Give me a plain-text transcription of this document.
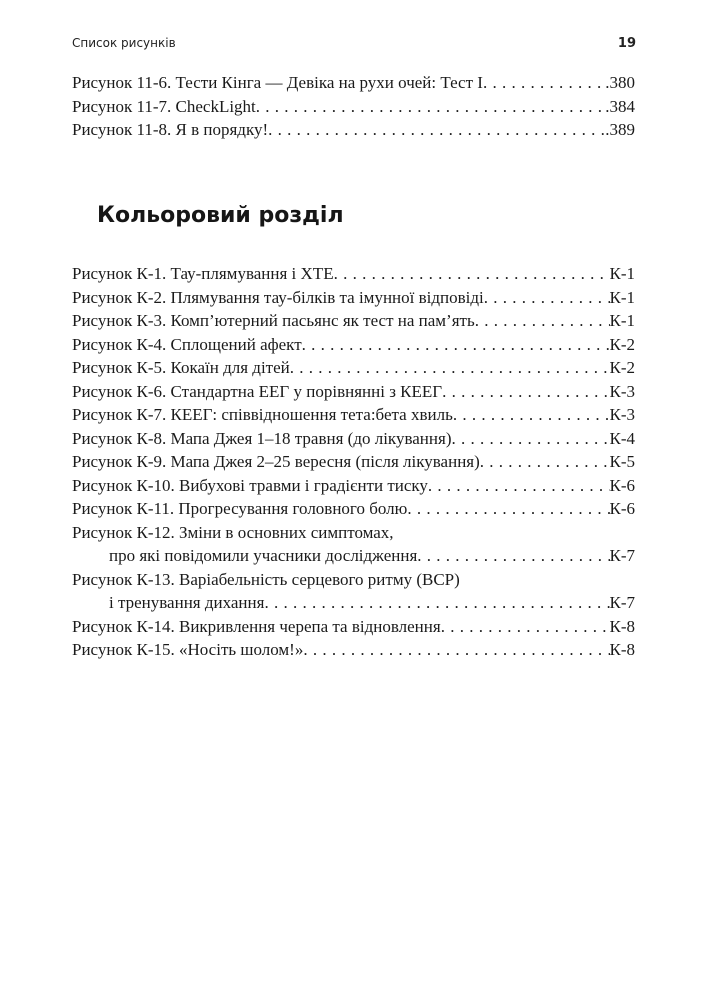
Список рисунків	19
Рисунок 11-6. Тести Кінга — Девіка на рухи очей: Тест I . . .	.380
Рисунок 11-7. CheckLight . . .	.384
Рисунок 11-8. Я в порядку! . . .	.389
Кольоровий розділ
Рисунок К-1. Тау-плямування і ХТЕ . . .	К-1
Рисунок К-2. Плямування тау-білків та імунної відповіді . . .	К-1
Рисунок К-3. Комп’ютерний пасьянс як тест на пам’ять . . .	К-1
Рисунок К-4. Сплощений афект . . .	К-2
Рисунок К-5. Кокаїн для дітей . . .	К-2
Рисунок К-6. Стандартна ЕЕГ у порівнянні з КЕЕГ . . .	К-3
Рисунок К-7. КЕЕГ: співвідношення тета:бета хвиль . . .	К-3
Рисунок К-8. Мапа Джея 1–18 травня (до лікування) . . .	К-4
Рисунок К-9. Мапа Джея 2–25 вересня (після лікування) . . .	К-5
Рисунок К-10. Вибухові травми і градієнти тиску . . .	К-6
Рисунок К-11. Прогресування головного болю . . .	К-6
Рисунок К-12. Зміни в основних симптомах,
про які повідомили учасники дослідження . . .	К-7
Рисунок К-13. Варіабельність серцевого ритму (ВСР)
і тренування дихання . . .	К-7
Рисунок К-14. Викривлення черепа та відновлення . . .	К-8
Рисунок К-15. «Носіть шолом!» . . .	К-8
